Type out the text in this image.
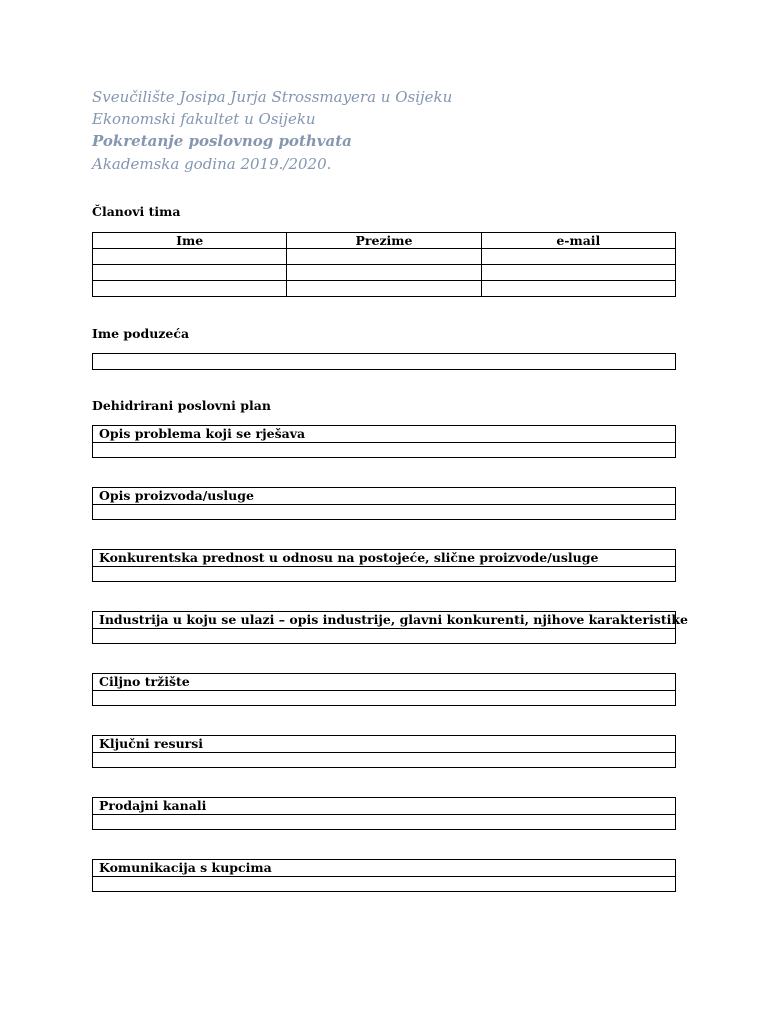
Sveučilište Josipa Jurja Strossmayera u Osijeku
Ekonomski fakultet u Osijeku
Pokretanje poslovnog pothvata
Akademska godina 2019./2020.
Članovi tima
Ime	Prezime	e-mail

Ime poduzeća
Dehidrirani poslovni plan
Opis problema koji se rješava

Opis proizvoda/usluge

Konkurentska prednost u odnosu na postojeće, slične proizvode/usluge

Industrija u koju se ulazi – opis industrije, glavni konkurenti, njihove karakteristike

Ciljno tržište

Ključni resursi

Prodajni kanali

Komunikacija s kupcima
